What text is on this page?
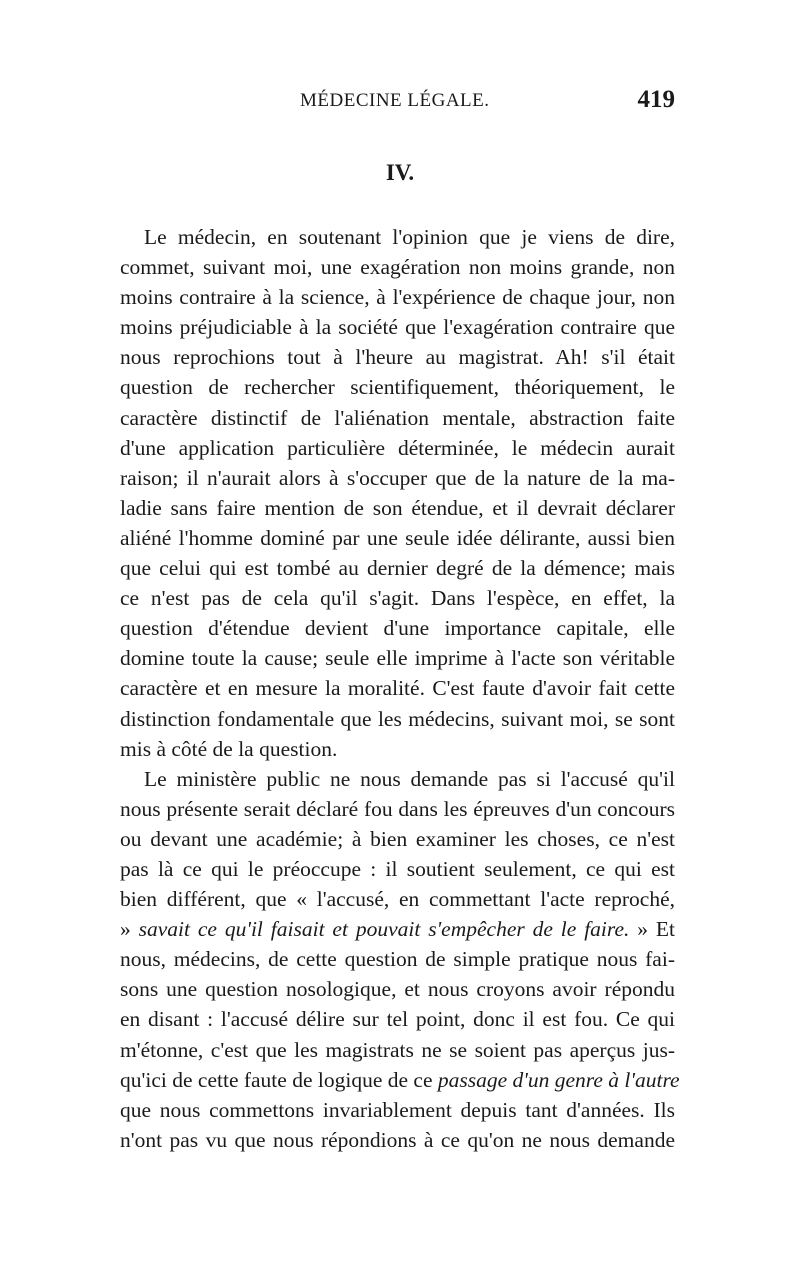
MÉDECINE LÉGALE.	419
IV.
Le médecin, en soutenant l'opinion que je viens de dire,
commet, suivant moi, une exagération non moins grande, non
moins contraire à la science, à l'expérience de chaque jour, non
moins préjudiciable à la société que l'exagération contraire que
nous reprochions tout à l'heure au magistrat. Ah! s'il était
question de rechercher scientifiquement, théoriquement, le
caractère distinctif de l'aliénation mentale, abstraction faite
d'une application particulière déterminée, le médecin aurait
raison; il n'aurait alors à s'occuper que de la nature de la ma-
ladie sans faire mention de son étendue, et il devrait déclarer
aliéné l'homme dominé par une seule idée délirante, aussi bien
que celui qui est tombé au dernier degré de la démence; mais
ce n'est pas de cela qu'il s'agit. Dans l'espèce, en effet, la
question d'étendue devient d'une importance capitale, elle
domine toute la cause; seule elle imprime à l'acte son véritable
caractère et en mesure la moralité. C'est faute d'avoir fait cette
distinction fondamentale que les médecins, suivant moi, se sont
mis à côté de la question.
Le ministère public ne nous demande pas si l'accusé qu'il
nous présente serait déclaré fou dans les épreuves d'un concours
ou devant une académie; à bien examiner les choses, ce n'est
pas là ce qui le préoccupe : il soutient seulement, ce qui est
bien différent, que « l'accusé, en commettant l'acte reproché,
» savait ce qu'il faisait et pouvait s'empêcher de le faire. » Et
nous, médecins, de cette question de simple pratique nous fai-
sons une question nosologique, et nous croyons avoir répondu
en disant : l'accusé délire sur tel point, donc il est fou. Ce qui
m'étonne, c'est que les magistrats ne se soient pas aperçus jus-
qu'ici de cette faute de logique de ce passage d'un genre à l'autre
que nous commettons invariablement depuis tant d'années. Ils
n'ont pas vu que nous répondions à ce qu'on ne nous demande
